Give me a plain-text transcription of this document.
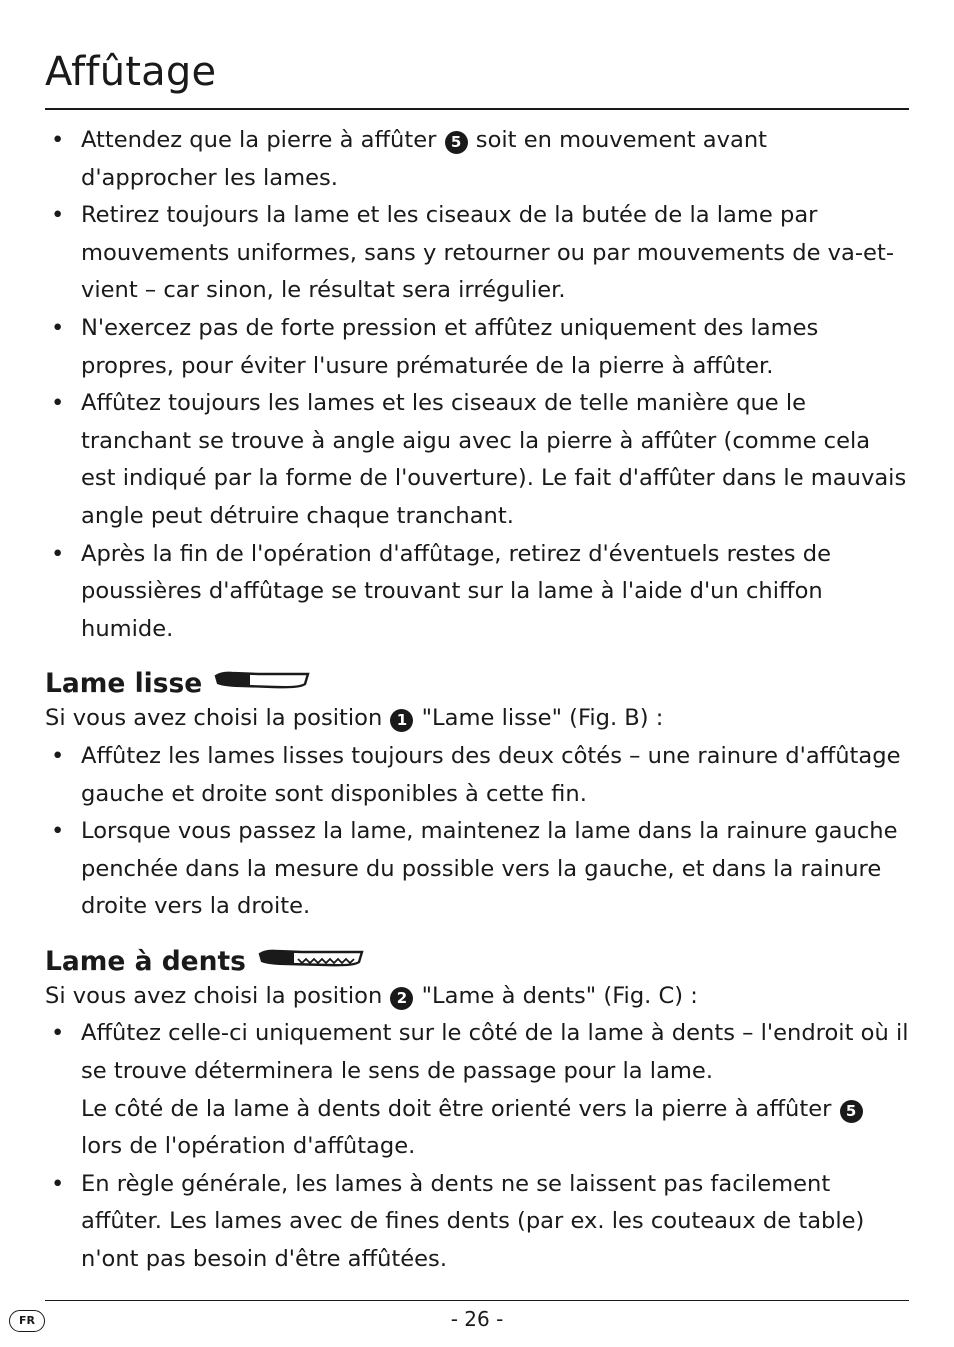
Affûtage
• Attendez que la pierre à affûter 5 soit en mouvement avant d'approcher les lames.
• Retirez toujours la lame et les ciseaux de la butée de la lame par mouvements uniformes, sans y retourner ou par mouvements de va-et-vient – car sinon, le résultat sera irrégulier.
• N'exercez pas de forte pression et affûtez uniquement des lames propres, pour éviter l'usure prématurée de la pierre à affûter.
• Affûtez toujours les lames et les ciseaux de telle manière que le tranchant se trouve à angle aigu avec la pierre à affûter (comme cela est indiqué par la forme de l'ouverture). Le fait d'affûter dans le mauvais angle peut détruire chaque tranchant.
• Après la fin de l'opération d'affûtage, retirez d'éventuels restes de poussières d'affûtage se trouvant sur la lame à l'aide d'un chiffon humide.
Lame lisse

Si vous avez choisi la position 1 "Lame lisse" (Fig. B) :

• Affûtez les lames lisses toujours des deux côtés – une rainure d'affûtage gauche et droite sont disponibles à cette fin.
• Lorsque vous passez la lame, maintenez la lame dans la rainure gauche penchée dans la mesure du possible vers la gauche, et dans la rainure droite vers la droite.
Lame à dents

Si vous avez choisi la position 2 "Lame à dents" (Fig. C) :

• Affûtez celle-ci uniquement sur le côté de la lame à dents – l'endroit où il se trouve déterminera le sens de passage pour la lame.
Le côté de la lame à dents doit être orienté vers la pierre à affûter 5 lors de l'opération d'affûtage.
• En règle générale, les lames à dents ne se laissent pas facilement affûter. Les lames avec de fines dents (par ex. les couteaux de table) n'ont pas besoin d'être affûtées.
FR	- 26 -
